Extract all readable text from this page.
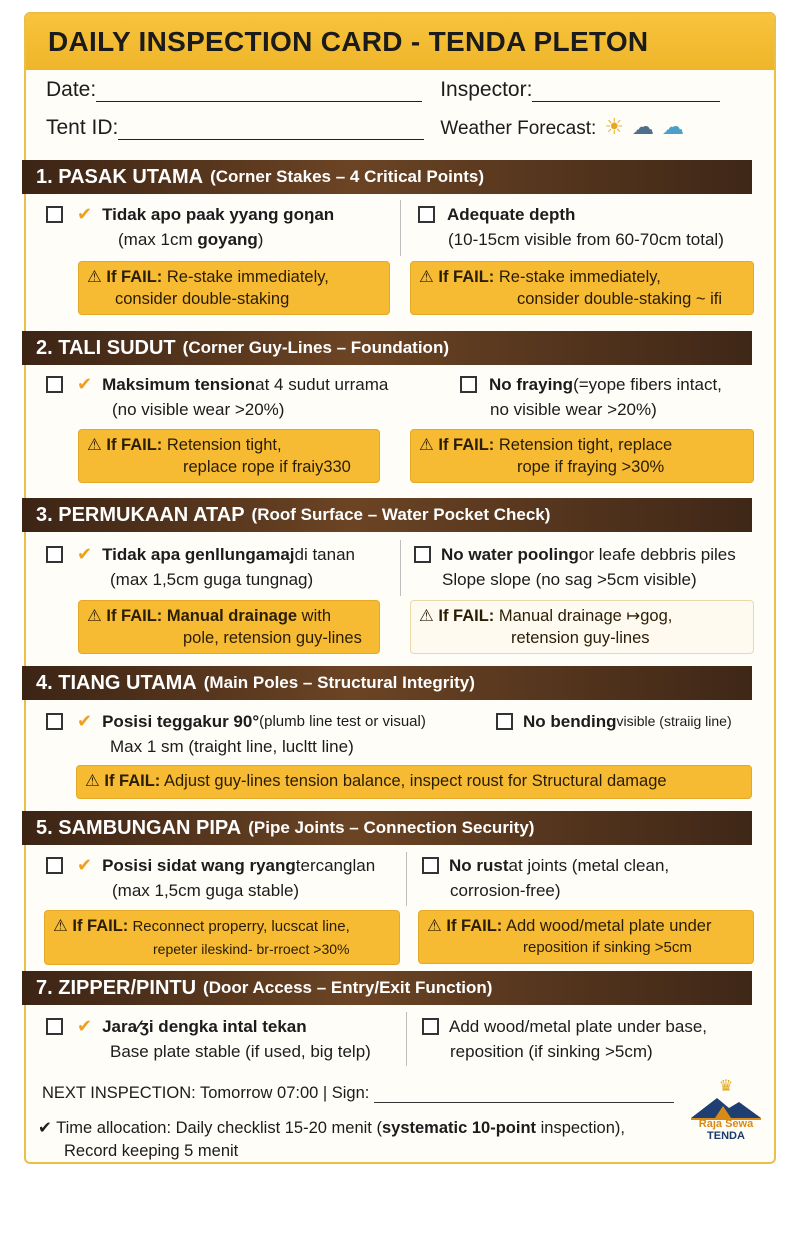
DAILY INSPECTION CARD - TENDA PLETON
Date:	Inspector:
Tent ID:	Weather Forecast: ☀ ☁ ☁
1.
PASAK UTAMA (Corner Stakes – 4 Critical Points)
✔ Tidak apo paak yyang goŋan
(max 1cm goyang)
Adequate depth
(10-15cm visible from 60-70cm total)
⚠ If FAIL: Re-stake immediately,
consider double-staking
⚠ If FAIL: Re-stake immediately,
consider double-staking ~ ifi
2.
TALI SUDUT (Corner Guy-Lines – Foundation)
✔ Maksimum tension at 4 sudut urrama
(no visible wear >20%)
No fraying (=yope fibers intact,
no visible wear >20%)
⚠ If FAIL: Retension tight,
replace rope if fraiy330
⚠ If FAIL: Retension tight, replace
rope if fraying >30%
3.
PERMUKAAN ATAP (Roof Surface – Water Pocket Check)
✔ Tidak apa genllungamaj di tanan
(max 1,5cm guga tungnag)
No water pooling or leafe debbris piles
Slope slope (no sag >5cm visible)
⚠ If FAIL: Manual drainage with
pole, retension guy-lines
⚠ If FAIL: Manual drainage ↦gog,
retension guy-lines
4.
TIANG UTAMA (Main Poles – Structural Integrity)
✔ Posisi teggakur 90° (plumb line test or visual)
Max 1 sm (traight line, lucltt line)
No bending visible (straiig line)
⚠ If FAIL: Adjust guy-lines tension balance, inspect roust for Structural damage
5.
SAMBUNGAN PIPA (Pipe Joints – Connection Security)
✔ Posisi sidat wang ryang tercanglan
(max 1,5cm guga stable)
No rust at joints (metal clean,
corrosion-free)
⚠ If FAIL: Reconnect properry, lucscat line,
repeter ileskind- br-rroect >30%
⚠ If FAIL: Add wood/metal plate under
reposition if sinking >5cm
7.
ZIPPER/PINTU (Door Access – Entry/Exit Function)
✔ Jara⁄ʒi dengka intal tekan
Base plate stable (if used, big telp)
Add wood/metal plate under base,
reposition (if sinking >5cm)
NEXT INSPECTION: Tomorrow 07:00 | Sign:
✔ Time allocation: Daily checklist 15-20 menit (systematic 10-point inspection),
Record keeping 5 menit
♛
Raja Sewa
TENDA
